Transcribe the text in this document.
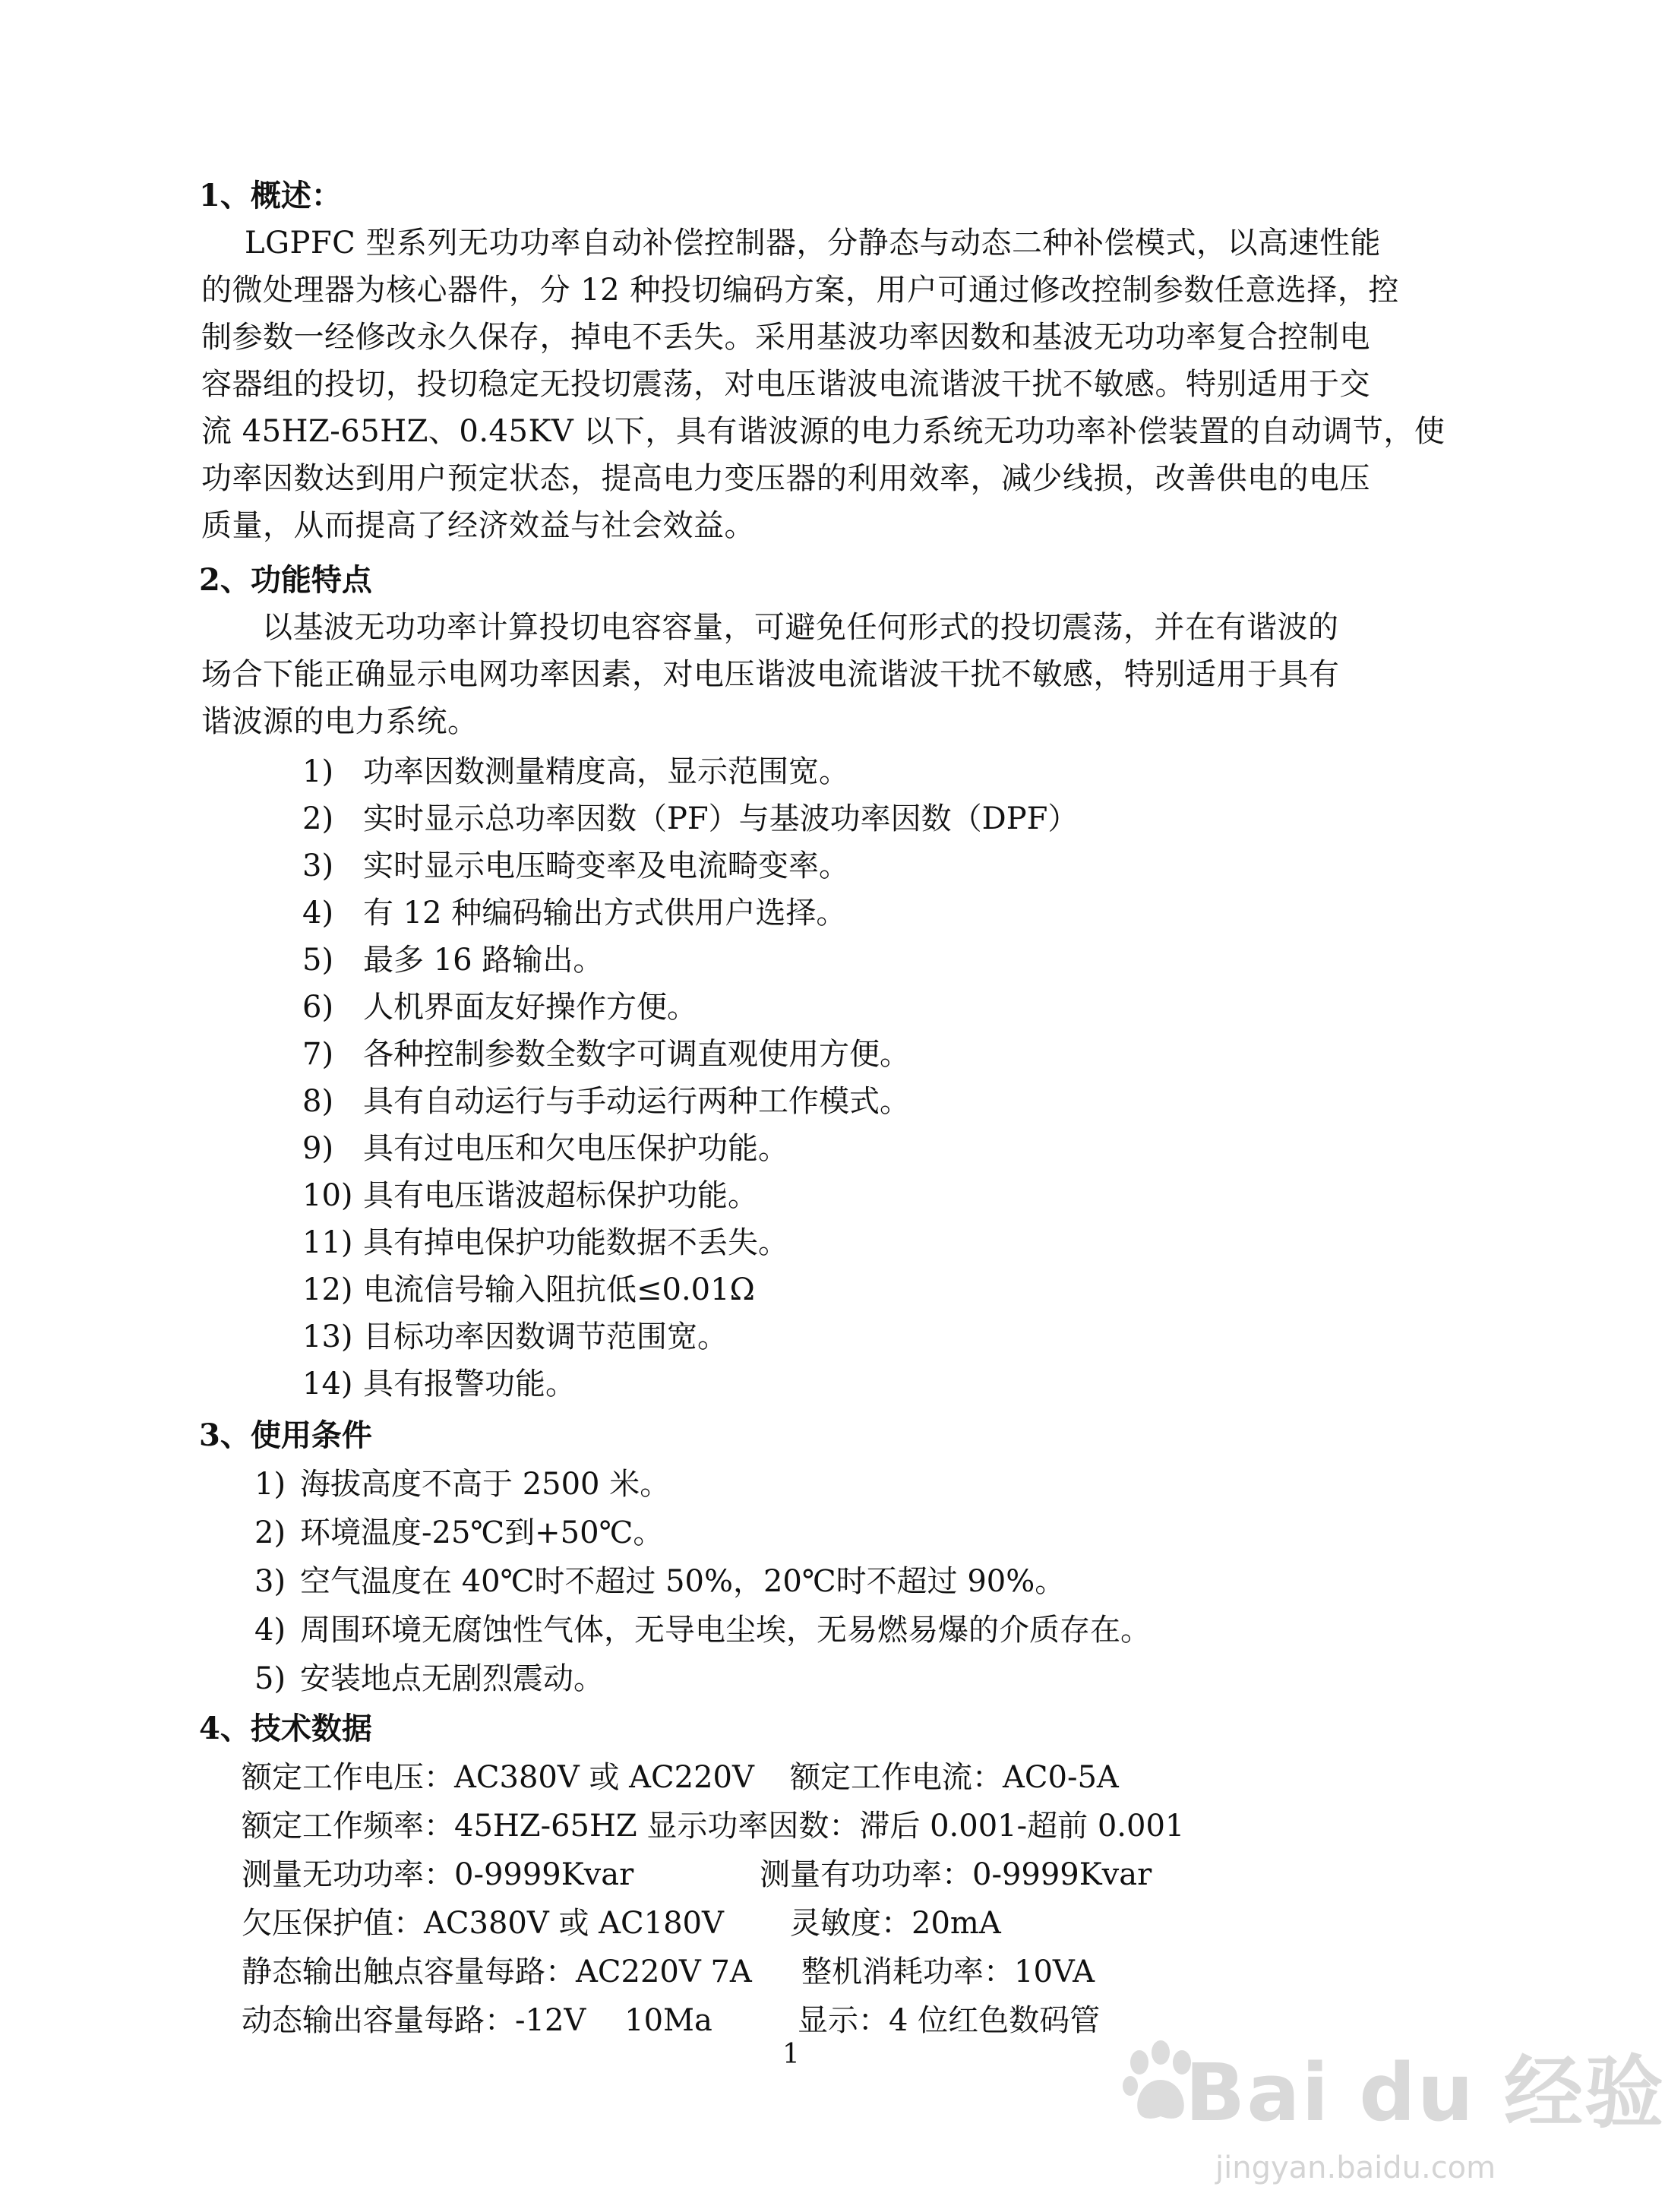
1、概述：
LGPFC 型系列无功功率自动补偿控制器，分静态与动态二种补偿模式，以高速性能
的微处理器为核心器件，分 12 种投切编码方案，用户可通过修改控制参数任意选择，控
制参数一经修改永久保存，掉电不丢失。采用基波功率因数和基波无功功率复合控制电
容器组的投切，投切稳定无投切震荡，对电压谐波电流谐波干扰不敏感。特别适用于交
流 45HZ-65HZ、0.45KV 以下，具有谐波源的电力系统无功功率补偿装置的自动调节，使
功率因数达到用户预定状态，提高电力变压器的利用效率，减少线损，改善供电的电压
质量，从而提高了经济效益与社会效益。
2、功能特点
以基波无功功率计算投切电容容量，可避免任何形式的投切震荡，并在有谐波的
场合下能正确显示电网功率因素，对电压谐波电流谐波干扰不敏感，特别适用于具有
谐波源的电力系统。
1) 功率因数测量精度高，显示范围宽。
2) 实时显示总功率因数（PF）与基波功率因数（DPF）
3) 实时显示电压畸变率及电流畸变率。
4) 有 12 种编码输出方式供用户选择。
5) 最多 16 路输出。
6) 人机界面友好操作方便。
7) 各种控制参数全数字可调直观使用方便。
8) 具有自动运行与手动运行两种工作模式。
9) 具有过电压和欠电压保护功能。
10) 具有电压谐波超标保护功能。
11) 具有掉电保护功能数据不丢失。
12) 电流信号输入阻抗低≤0.01Ω
13) 目标功率因数调节范围宽。
14) 具有报警功能。
3、使用条件
1) 海拔高度不高于 2500 米。
2) 环境温度-25℃到+50℃。
3) 空气温度在 40℃时不超过 50%，20℃时不超过 90%。
4) 周围环境无腐蚀性气体，无导电尘埃，无易燃易爆的介质存在。
5) 安装地点无剧烈震动。
4、技术数据
额定工作电压：AC380V 或 AC220V 额定工作电流：AC0-5A
额定工作频率：45HZ-65HZ 显示功率因数：滞后 0.001-超前 0.001
测量无功功率：0-9999Kvar	测量有功功率：0-9999Kvar
欠压保护值：AC380V 或 AC180V 灵敏度：20mA
静态输出触点容量每路：AC220V 7A 整机消耗功率：10VA
动态输出容量每路：-12V    10Ma	显示：4 位红色数码管
1	Bai du 经验
jingyan.baidu.com
